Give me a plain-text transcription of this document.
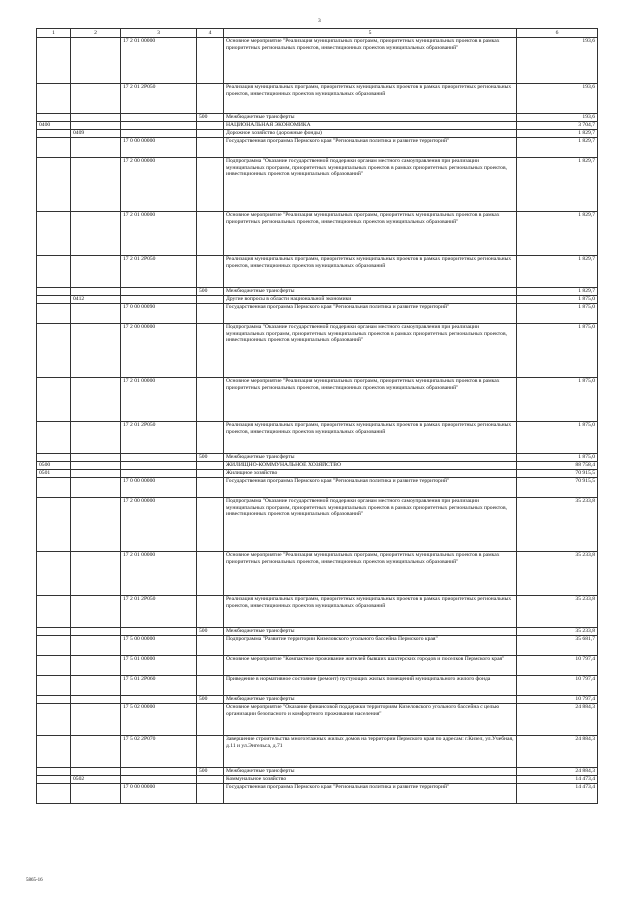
3
1	2	3	4	5	6
		17 2 01 00000		Основное мероприятие "Реализация муниципальных программ, приоритетных муниципальных проектов в рамках приоритетных региональных проектов, инвестиционных проектов муниципальных образований"	193,6
		17 2 01 2Р050		Реализация муниципальных программ, приоритетных муниципальных проектов в рамках приоритетных региональных проектов, инвестиционных проектов муниципальных образований	193,6
			500	Межбюджетные трансферты	193,6
0400				НАЦИОНАЛЬНАЯ ЭКОНОМИКА	3 704,7
	0409			Дорожное хозяйство (дорожные фонды)	1 829,7
		17 0 00 00000		Государственная программа Пермского края "Региональная политика и развитие территорий"	1 829,7
		17 2 00 00000		Подпрограмма "Оказание государственной поддержки органам местного самоуправления при реализации муниципальных программ, приоритетных муниципальных проектов в рамках приоритетных региональных проектов, инвестиционных проектов муниципальных образований"	1 829,7
		17 2 01 00000		Основное мероприятие "Реализация муниципальных программ, приоритетных муниципальных проектов в рамках приоритетных региональных проектов, инвестиционных проектов муниципальных образований"	1 829,7
		17 2 01 2Р050		Реализация муниципальных программ, приоритетных муниципальных проектов в рамках приоритетных региональных проектов, инвестиционных проектов муниципальных образований	1 829,7
			500	Межбюджетные трансферты	1 829,7
	0412			Другие вопросы в области национальной экономики	1 875,0
		17 0 00 00090		Государственная программа Пермского края "Региональная политика и развитие территорий"	1 875,0
		17 2 00 00000		Подпрограмма "Оказание государственной поддержки органам местного самоуправления при реализации муниципальных программ, приоритетных муниципальных проектов в рамках приоритетных региональных проектов, инвестиционных проектов муниципальных образований"	1 875,0
		17 2 01 00000		Основное мероприятие "Реализация муниципальных программ, приоритетных муниципальных проектов в рамках приоритетных региональных проектов, инвестиционных проектов муниципальных образований"	1 875,0
		17 2 01 2Р050		Реализация муниципальных программ, приоритетных муниципальных проектов в рамках приоритетных региональных проектов, инвестиционных проектов муниципальных образований	1 875,0
			500	Межбюджетные трансферты	1 875,0
0500				ЖИЛИЩНО-КОММУНАЛЬНОЕ ХОЗЯЙСТВО	88 758,4
0501				Жилищное хозяйство	70 915,5
		17 0 00 00000		Государственная программа Пермского края "Региональная политика и развитие территорий"	70 915,5
		17 2 00 00000		Подпрограмма "Оказание государственной поддержки органам местного самоуправления при реализации муниципальных программ, приоритетных муниципальных проектов в рамках приоритетных региональных проектов, инвестиционных проектов муниципальных образований"	35 233,8
		17 2 01 00000		Основное мероприятие "Реализация муниципальных программ, приоритетных муниципальных проектов в рамках приоритетных региональных проектов, инвестиционных проектов муниципальных образований"	35 233,8
		17 2 01 2Р050		Реализация муниципальных программ, приоритетных муниципальных проектов в рамках приоритетных региональных проектов, инвестиционных проектов муниципальных образований	35 233,8
			500	Межбюджетные трансферты	35 233,8
		17 5 00 00000		Подпрограмма "Развитие территории Кизеловского угольного бассейна Пермского края"	35 681,7
		17 5 01 00000		Основное мероприятие "Компактное проживание жителей бывших шахтерских городов и поселков Пермского края"	10 797,4
		17 5 01 2Р060		Приведение в нормативное состояние (ремонт) пустующих жилых помещений муниципального жилого фонда	10 797,4
			500	Межбюджетные трансферты	10 797,4
		17 5 02 00000		Основное мероприятие "Оказание финансовой поддержки территориям Кизеловского угольного бассейна с целью организации безопасного и комфортного проживания населения"	24 884,3
		17 5 02 2Р070		Завершение строительства многоэтажных жилых домов на территории Пермского края по адресам: г.Кизел, ул.Учебная, д.11 и ул.Энгельса, д.71	24 884,3
			500	Межбюджетные трансферты	24 884,3
	0502			Коммунальное хозяйство	14 473,4
		17 0 00 00000		Государственная программа Пермского края "Региональная политика и развитие территорий"	14 473,4
5865-16
